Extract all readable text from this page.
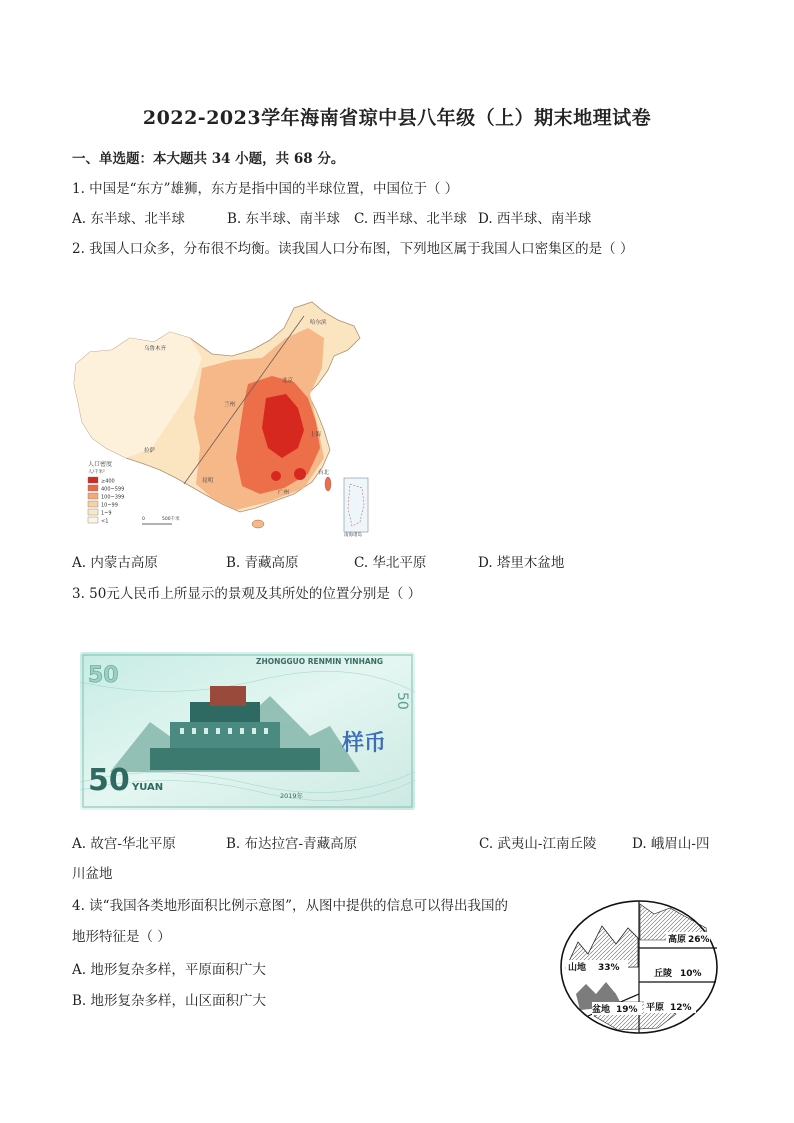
2022-2023学年海南省琼中县八年级（上）期末地理试卷
一、单选题：本大题共 34 小题，共 68 分。
1. 中国是“东方”雄狮，东方是指中国的半球位置，中国位于（ ）
A. 东半球、北半球	B. 东半球、南半球 C. 西半球、北半球 D. 西半球、南半球
2. 我国人口众多，分布很不均衡。读我国人口分布图，下列地区属于我国人口密集区的是（ ）
哈尔滨
乌鲁木齐
北京
兰州
拉萨
昆明
上海
广州
台北
南海诸岛
人口密度
人/千米²
≥400
400~599
100~399
10~99
1~9
<1	0	500千米
A. 内蒙古高原	B. 青藏高原	C. 华北平原	D. 塔里木盆地
3. 50元人民币上所显示的景观及其所处的位置分别是（ ）
50
ZHONGGUO RENMIN YINHANG
50 YUAN
2019年
样币
50
A. 故宫-华北平原	B. 布达拉宫-青藏高原	C. 武夷山-江南丘陵	D. 峨眉山-四
川盆地
4. 读“我国各类地形面积比例示意图”，从图中提供的信息可以得出我国的
地形特征是（ ）
A. 地形复杂多样，平原面积广大
B. 地形复杂多样，山区面积广大
高原 26%
丘陵 10%
山地 33%
盆地 19% 平原 12%
